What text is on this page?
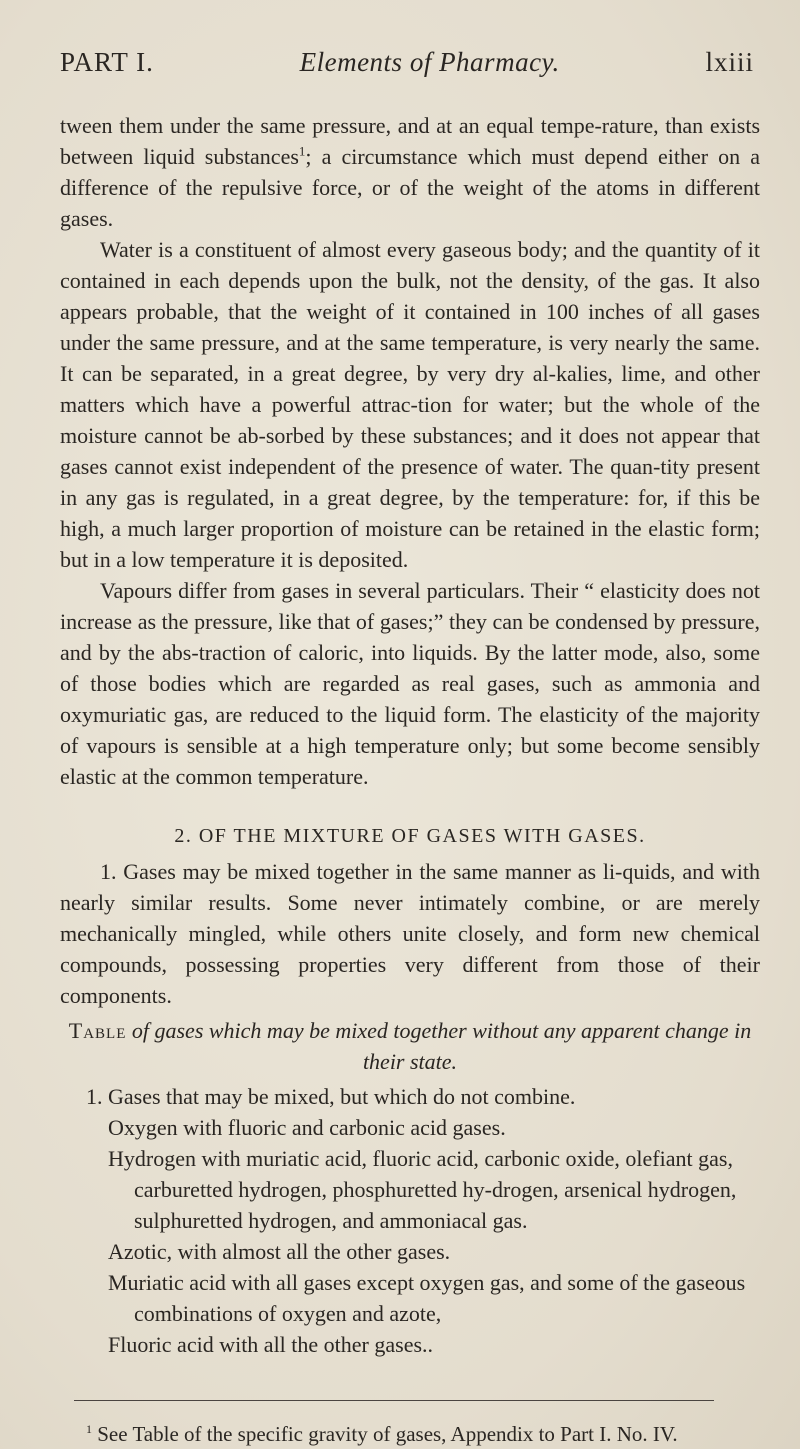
PART I.	Elements of Pharmacy.	lxiii

tween them under the same pressure, and at an equal tempe-rature, than exists between liquid substances$^1$; a circumstance which must depend either on a difference of the repulsive force, or of the weight of the atoms in different gases.

Water is a constituent of almost every gaseous body; and the quantity of it contained in each depends upon the bulk, not the density, of the gas. It also appears probable, that the weight of it contained in 100 inches of all gases under the same pressure, and at the same temperature, is very nearly the same. It can be separated, in a great degree, by very dry al-kalies, lime, and other matters which have a powerful attrac-tion for water; but the whole of the moisture cannot be ab-sorbed by these substances; and it does not appear that gases cannot exist independent of the presence of water. The quan-tity present in any gas is regulated, in a great degree, by the temperature: for, if this be high, a much larger proportion of moisture can be retained in the elastic form; but in a low temperature it is deposited.

Vapours differ from gases in several particulars. Their “ elasticity does not increase as the pressure, like that of gases;” they can be condensed by pressure, and by the abs-traction of caloric, into liquids. By the latter mode, also, some of those bodies which are regarded as real gases, such as ammonia and oxymuriatic gas, are reduced to the liquid form. The elasticity of the majority of vapours is sensible at a high temperature only; but some become sensibly elastic at the common temperature.

2. OF THE MIXTURE OF GASES WITH GASES.

1. Gases may be mixed together in the same manner as li-quids, and with nearly similar results. Some never intimately combine, or are merely mechanically mingled, while others unite closely, and form new chemical compounds, possessing properties very different from those of their components.

Table of gases which may be mixed together without any apparent change in their state.
1. Gases that may be mixed, but which do not combine.
Oxygen with fluoric and carbonic acid gases.
Hydrogen with muriatic acid, fluoric acid, carbonic oxide, olefiant gas, carburetted hydrogen, phosphuretted hy-drogen, arsenical hydrogen, sulphuretted hydrogen, and ammoniacal gas.
Azotic, with almost all the other gases.
Muriatic acid with all gases except oxygen gas, and some of the gaseous combinations of oxygen and azote,
Fluoric acid with all the other gases..
$^1$ See Table of the specific gravity of gases, Appendix to Part I. No. IV.
